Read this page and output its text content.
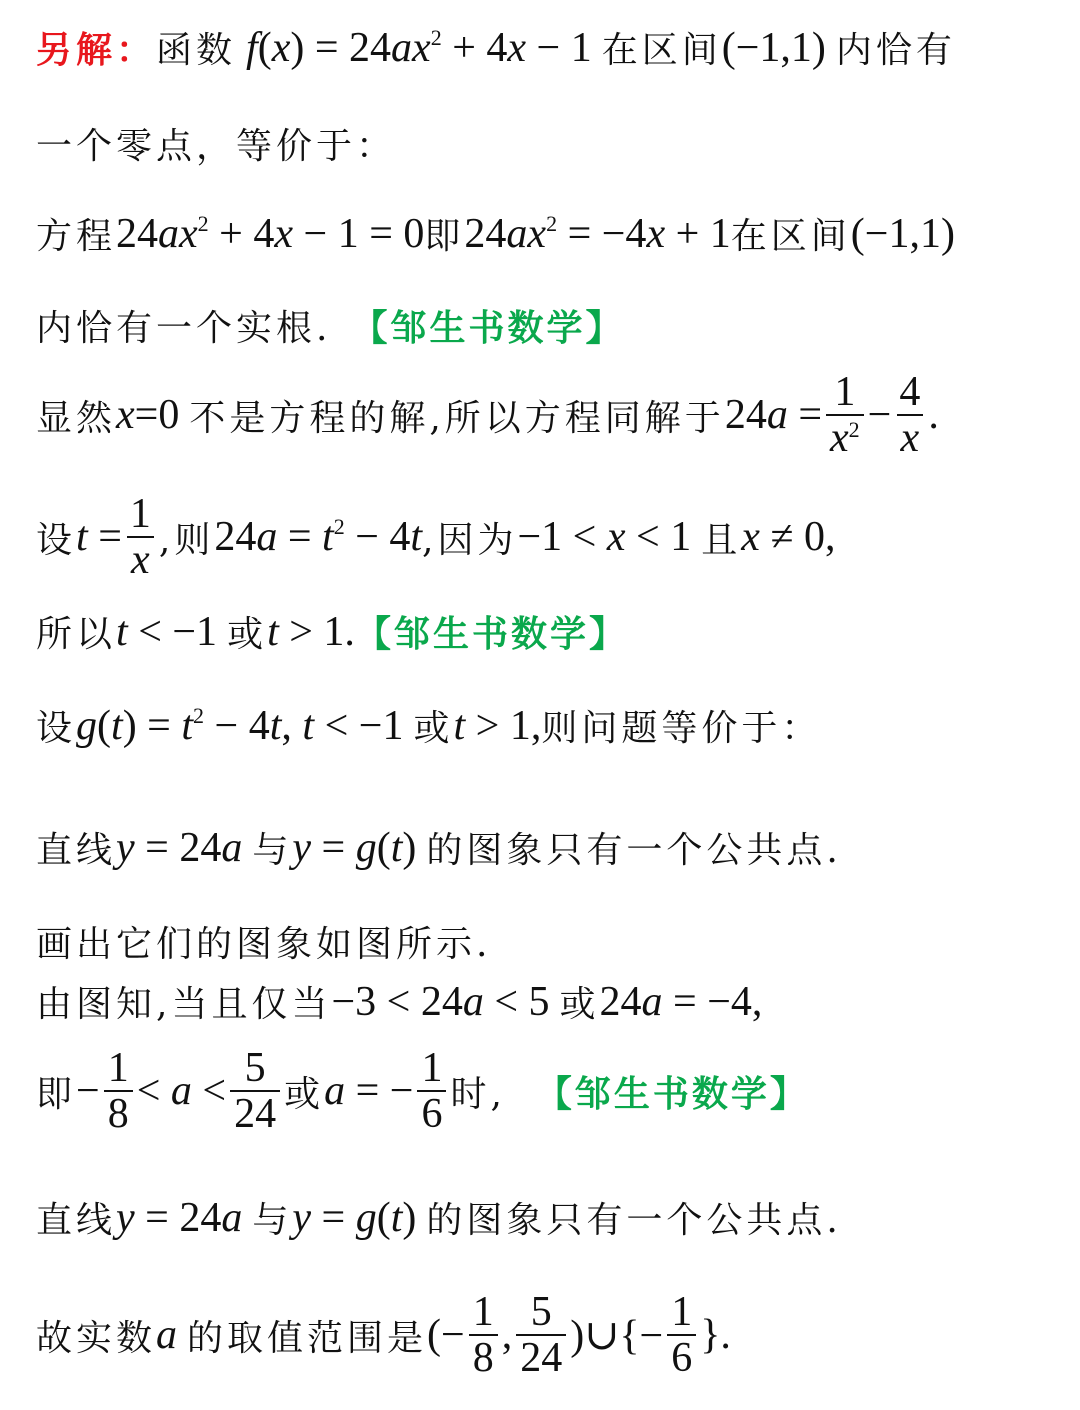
另解： 函数 $f(x) = 24ax^2 + 4x - 1$ 在区间 (−1,1) 内恰有
一个零点，等价于：
方程 $24ax^2 + 4x - 1 = 0$ 即 $24ax^2 = -4x + 1$ 在区间 (−1,1)
内恰有一个实根. 【邹生书数学】
显然 x=0 不是方程的解,所以方程同解于 $24a = \frac{1}{x^2} - \frac{4}{x}$ .
设 $t = \frac{1}{x}$ ,则 $24a = t^2 - 4t$ ,因为 −1 < x < 1 且 x ≠ 0 ,
所以 t < −1 或 t > 1. 【邹生书数学】
设 $g(t) = t^2 - 4t$, t < −1 或 t > 1, 则问题等价于：
直线 y = 24a 与 y = g(t) 的图象只有一个公共点.
画出它们的图象如图所示.
由图知,当且仅当 −3 < 24a < 5 或 24a = −4 ,
即 − $\frac{1}{8} < a < \frac{5}{24}$ 或 a = − $\frac{1}{6}$ 时, 【邹生书数学】
直线 y = 24a 与 y = g(t) 的图象只有一个公共点.
故实数 a 的取值范围是 (− $\frac{1}{8}$ , $\frac{5}{24}$ )∪{− $\frac{1}{6}$ }.
